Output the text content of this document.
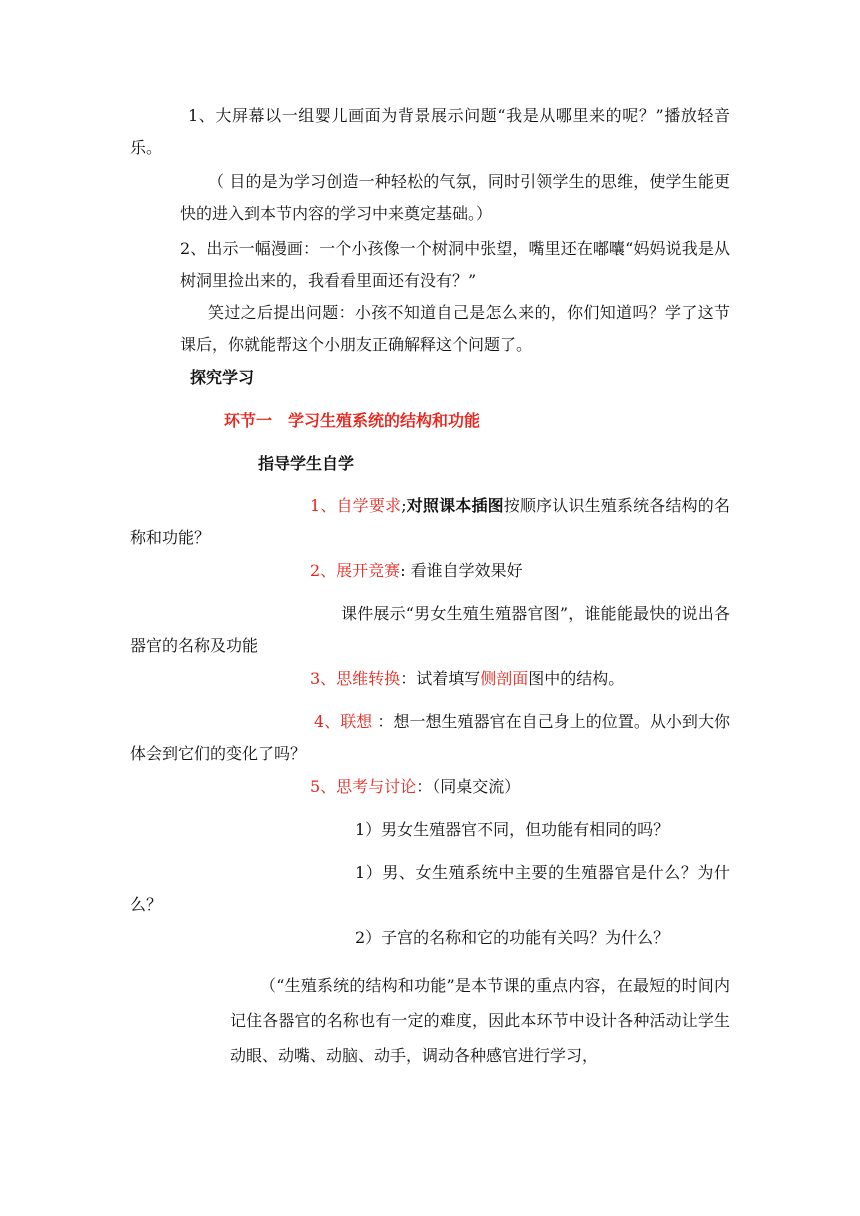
1、大屏幕以一组婴儿画面为背景展示问题“我是从哪里来的呢？”播放轻音乐。
（ 目的是为学习创造一种轻松的气氛，同时引领学生的思维，使学生能更快的进入到本节内容的学习中来奠定基础。）
2、出示一幅漫画：一个小孩像一个树洞中张望，嘴里还在嘟囔“妈妈说我是从树洞里捡出来的，我看看里面还有没有？”
笑过之后提出问题：小孩不知道自己是怎么来的，你们知道吗？学了这节课后，你就能帮这个小朋友正确解释这个问题了。
探究学习
环节一　学习生殖系统的结构和功能
指导学生自学
1、自学要求;对照课本插图按顺序认识生殖系统各结构的名称和功能？
2、展开竞赛: 看谁自学效果好
课件展示“男女生殖生殖器官图”，谁能能最快的说出各器官的名称及功能
3、思维转换：试着填写侧剖面图中的结构。
4、联想 ：想一想生殖器官在自己身上的位置。从小到大你体会到它们的变化了吗？
5、思考与讨论：（同桌交流）
1）男女生殖器官不同，但功能有相同的吗？
1）男、女生殖系统中主要的生殖器官是什么？为什么？
2）子宫的名称和它的功能有关吗？为什么？
（“生殖系统的结构和功能”是本节课的重点内容，在最短的时间内记住各器官的名称也有一定的难度，因此本环节中设计各种活动让学生动眼、动嘴、动脑、动手，调动各种感官进行学习，
